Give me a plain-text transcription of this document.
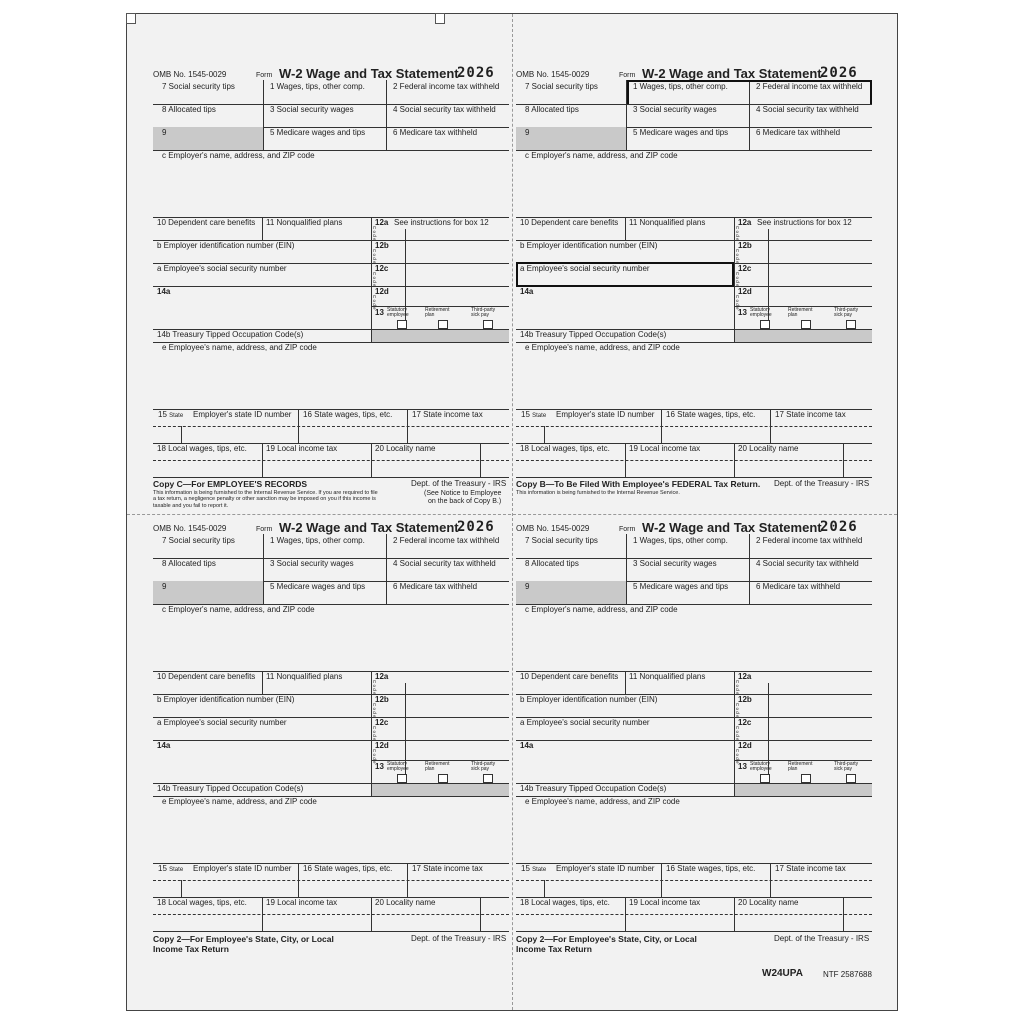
OMB No. 1545-0029	Form W-2 Wage and Tax Statement
2026
7 Social security tips	1 Wages, tips, other comp.	2 Federal income tax withheld
8 Allocated tips	3 Social security wages	4 Social security tax withheld
9	5 Medicare wages and tips	6 Medicare tax withheld
c Employer's name, address, and ZIP code
10 Dependent care benefits 11 Nonqualified plans	12a See instructions for box 12
C o d e
b Employer identification number (EIN)	12b
C o d e
a Employee's social security number	12c
C o d e
14a	12d
C o d e
13 Statutory employee
Retirement plan
Third-party sick pay
14b Treasury Tipped Occupation Code(s)
e Employee's name, address, and ZIP code
15 State Employer's state ID number 16 State wages, tips, etc. 17 State income tax
18 Local wages, tips, etc. 19 Local income tax	20 Locality name
OMB No. 1545-0029	Form W-2 Wage and Tax Statement
2026
7 Social security tips	1 Wages, tips, other comp.	2 Federal income tax withheld
8 Allocated tips	3 Social security wages	4 Social security tax withheld
9	5 Medicare wages and tips	6 Medicare tax withheld
c Employer's name, address, and ZIP code
10 Dependent care benefits 11 Nonqualified plans	12a See instructions for box 12
C o d e
b Employer identification number (EIN)	12b
C o d e
a Employee's social security number	12c
C o d e
14a	12d
C o d e
13 Statutory employee
Retirement plan
Third-party sick pay
14b Treasury Tipped Occupation Code(s)
e Employee's name, address, and ZIP code
15 State Employer's state ID number 16 State wages, tips, etc. 17 State income tax
18 Local wages, tips, etc. 19 Local income tax	20 Locality name
OMB No. 1545-0029	Form W-2 Wage and Tax Statement
2026
7 Social security tips	1 Wages, tips, other comp.	2 Federal income tax withheld
8 Allocated tips	3 Social security wages	4 Social security tax withheld
9	5 Medicare wages and tips	6 Medicare tax withheld
c Employer's name, address, and ZIP code
10 Dependent care benefits 11 Nonqualified plans	12a
C o d e
b Employer identification number (EIN)	12b
C o d e
a Employee's social security number	12c
C o d e
14a	12d
C o d e
13 Statutory employee
Retirement plan
Third-party sick pay
14b Treasury Tipped Occupation Code(s)
e Employee's name, address, and ZIP code
15 State Employer's state ID number 16 State wages, tips, etc. 17 State income tax
18 Local wages, tips, etc. 19 Local income tax	20 Locality name
OMB No. 1545-0029	Form W-2 Wage and Tax Statement
2026
7 Social security tips	1 Wages, tips, other comp.	2 Federal income tax withheld
8 Allocated tips	3 Social security wages	4 Social security tax withheld
9	5 Medicare wages and tips	6 Medicare tax withheld
c Employer's name, address, and ZIP code
10 Dependent care benefits 11 Nonqualified plans	12a
C o d e
b Employer identification number (EIN)	12b
C o d e
a Employee's social security number	12c
C o d e
14a	12d
C o d e
13 Statutory employee
Retirement plan
Third-party sick pay
14b Treasury Tipped Occupation Code(s)
e Employee's name, address, and ZIP code
15 State Employer's state ID number 16 State wages, tips, etc. 17 State income tax
18 Local wages, tips, etc. 19 Local income tax	20 Locality name
Copy C—For EMPLOYEE'S RECORDS
This information is being furnished to the Internal Revenue Service. If you are required to file a tax return, a negligence penalty or other sanction may be imposed on you if this income is taxable and you fail to report it.
Dept. of the Treasury - IRS
(See Notice to Employee
on the back of Copy B.)
Copy B—To Be Filed With Employee's FEDERAL Tax Return.
This information is being furnished to the Internal Revenue Service.
Dept. of the Treasury - IRS
Copy 2—For Employee's State, City, or Local
Income Tax Return
Dept. of the Treasury - IRS Copy 2—For Employee's State, City, or Local
Income Tax Return
Dept. of the Treasury - IRS
W24UPA	NTF 2587688
